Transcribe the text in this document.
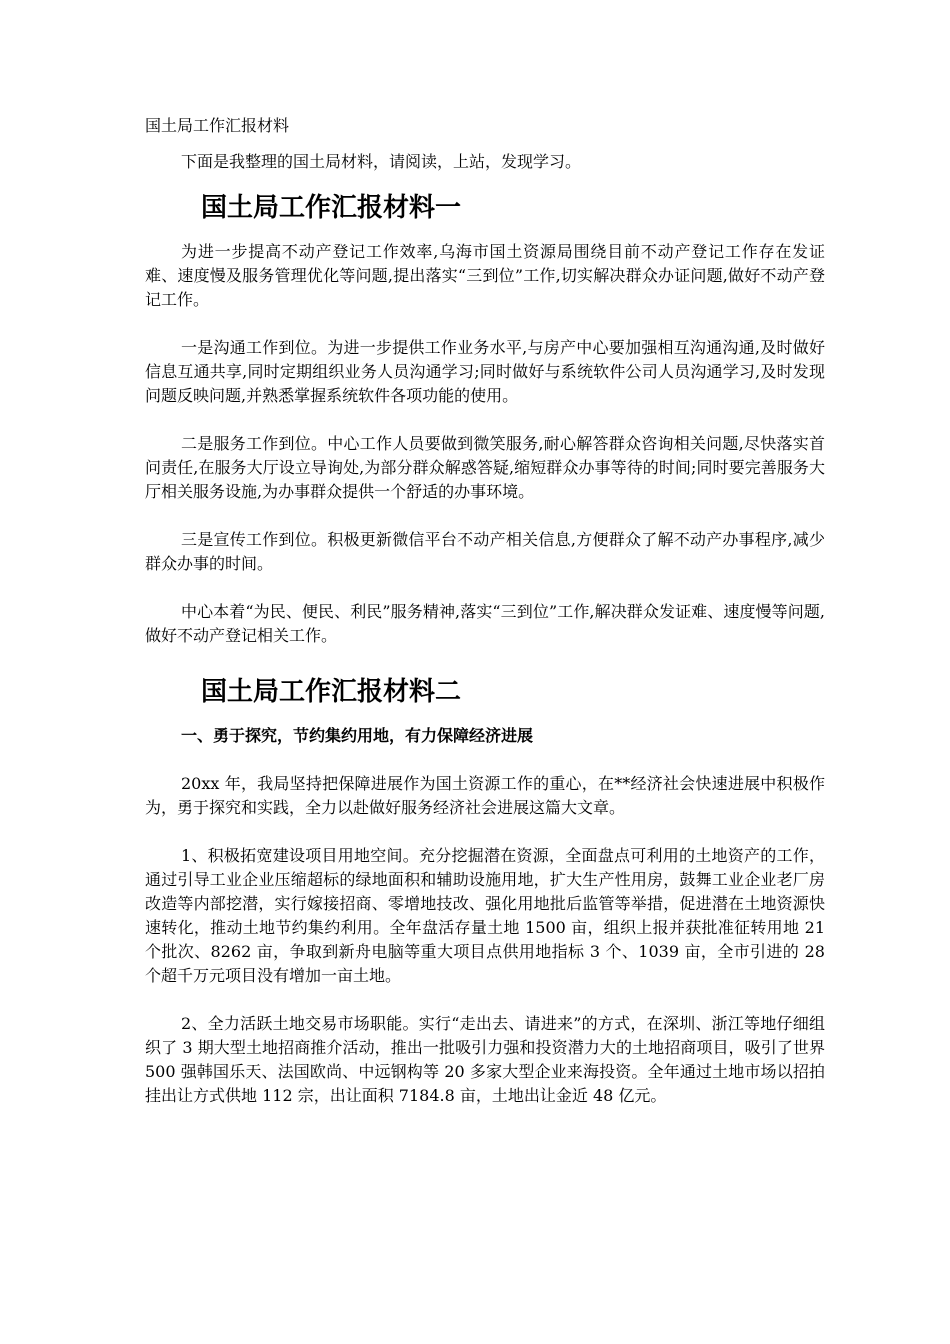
国土局工作汇报材料
下面是我整理的国土局材料，请阅读，上站，发现学习。
国土局工作汇报材料一

为进一步提高不动产登记工作效率,乌海市国土资源局围绕目前不动产登记工作存在发证难、速度慢及服务管理优化等问题,提出落实“三到位”工作,切实解决群众办证问题,做好不动产登记工作。

一是沟通工作到位。为进一步提供工作业务水平,与房产中心要加强相互沟通沟通,及时做好信息互通共享,同时定期组织业务人员沟通学习;同时做好与系统软件公司人员沟通学习,及时发现问题反映问题,并熟悉掌握系统软件各项功能的使用。

二是服务工作到位。中心工作人员要做到微笑服务,耐心解答群众咨询相关问题,尽快落实首问责任,在服务大厅设立导询处,为部分群众解惑答疑,缩短群众办事等待的时间;同时要完善服务大厅相关服务设施,为办事群众提供一个舒适的办事环境。

三是宣传工作到位。积极更新微信平台不动产相关信息,方便群众了解不动产办事程序,减少群众办事的时间。

中心本着“为民、便民、利民”服务精神,落实“三到位”工作,解决群众发证难、速度慢等问题,做好不动产登记相关工作。

国土局工作汇报材料二
一、勇于探究，节约集约用地，有力保障经济进展

20xx 年，我局坚持把保障进展作为国土资源工作的重心，在**经济社会快速进展中积极作为，勇于探究和实践，全力以赴做好服务经济社会进展这篇大文章。

1、积极拓宽建设项目用地空间。充分挖掘潜在资源，全面盘点可利用的土地资产的工作，通过引导工业企业压缩超标的绿地面积和辅助设施用地，扩大生产性用房，鼓舞工业企业老厂房改造等内部挖潜，实行嫁接招商、零增地技改、强化用地批后监管等举措，促进潜在土地资源快速转化，推动土地节约集约利用。全年盘活存量土地 1500 亩，组织上报并获批准征转用地 21 个批次、8262 亩，争取到新舟电脑等重大项目点供用地指标 3 个、1039 亩，全市引进的 28 个超千万元项目没有增加一亩土地。

2、全力活跃土地交易市场职能。实行“走出去、请进来”的方式，在深圳、浙江等地仔细组织了 3 期大型土地招商推介活动，推出一批吸引力强和投资潜力大的土地招商项目，吸引了世界 500 强韩国乐天、法国欧尚、中远钢构等 20 多家大型企业来海投资。全年通过土地市场以招拍挂出让方式供地 112 宗，出让面积 7184.8 亩，土地出让金近 48 亿元。
